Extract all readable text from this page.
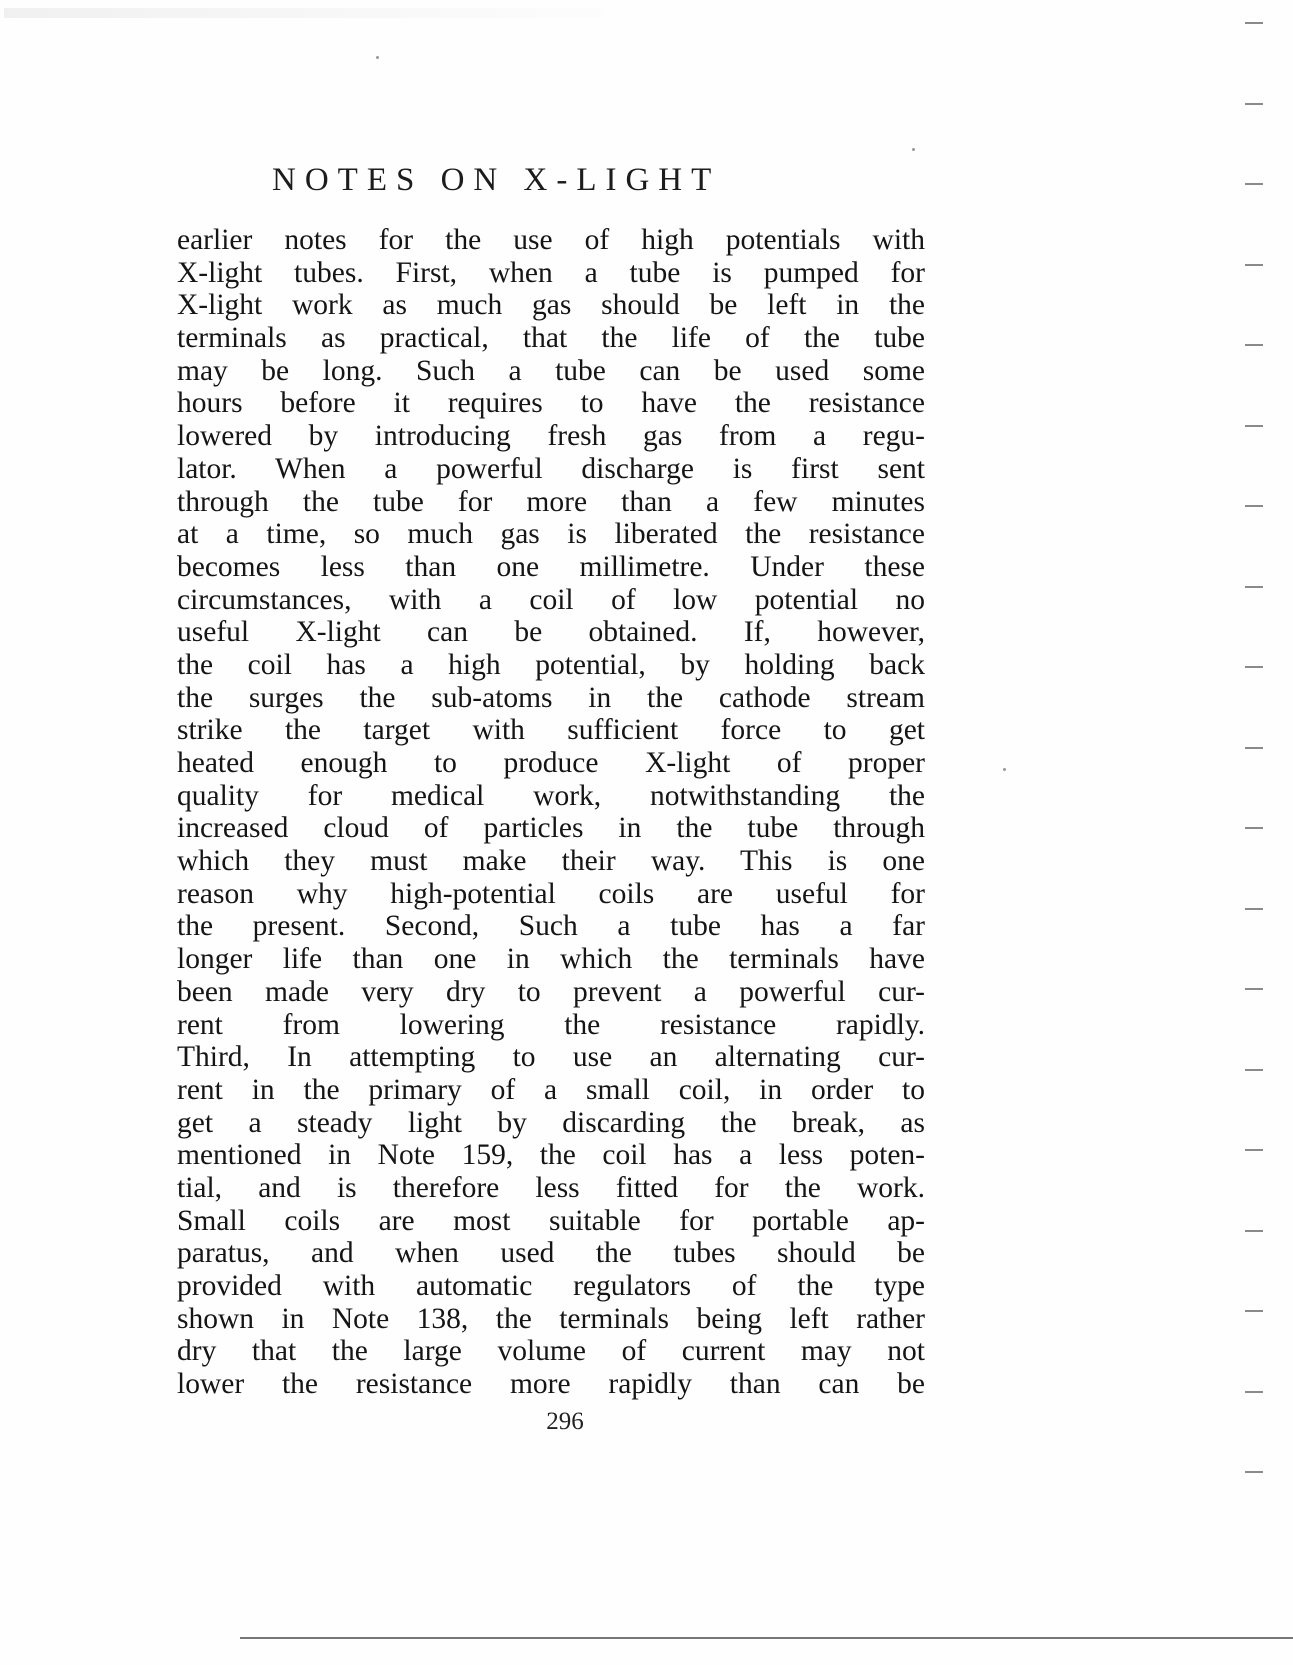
NOTES ON X-LIGHT
earlier notes for the use of high potentials with
X-light tubes. First, when a tube is pumped for
X-light work as much gas should be left in the
terminals as practical, that the life of the tube
may be long. Such a tube can be used some
hours before it requires to have the resistance
lowered by introducing fresh gas from a regu-
lator. When a powerful discharge is first sent
through the tube for more than a few minutes
at a time, so much gas is liberated the resistance
becomes less than one millimetre. Under these
circumstances, with a coil of low potential no
useful X-light can be obtained. If, however,
the coil has a high potential, by holding back
the surges the sub-atoms in the cathode stream
strike the target with sufficient force to get
heated enough to produce X-light of proper
quality for medical work, notwithstanding the
increased cloud of particles in the tube through
which they must make their way. This is one
reason why high-potential coils are useful for
the present. Second, Such a tube has a far
longer life than one in which the terminals have
been made very dry to prevent a powerful cur-
rent from lowering the resistance rapidly.
Third, In attempting to use an alternating cur-
rent in the primary of a small coil, in order to
get a steady light by discarding the break, as
mentioned in Note 159, the coil has a less poten-
tial, and is therefore less fitted for the work.
Small coils are most suitable for portable ap-
paratus, and when used the tubes should be
provided with automatic regulators of the type
shown in Note 138, the terminals being left rather
dry that the large volume of current may not
lower the resistance more rapidly than can be
296
